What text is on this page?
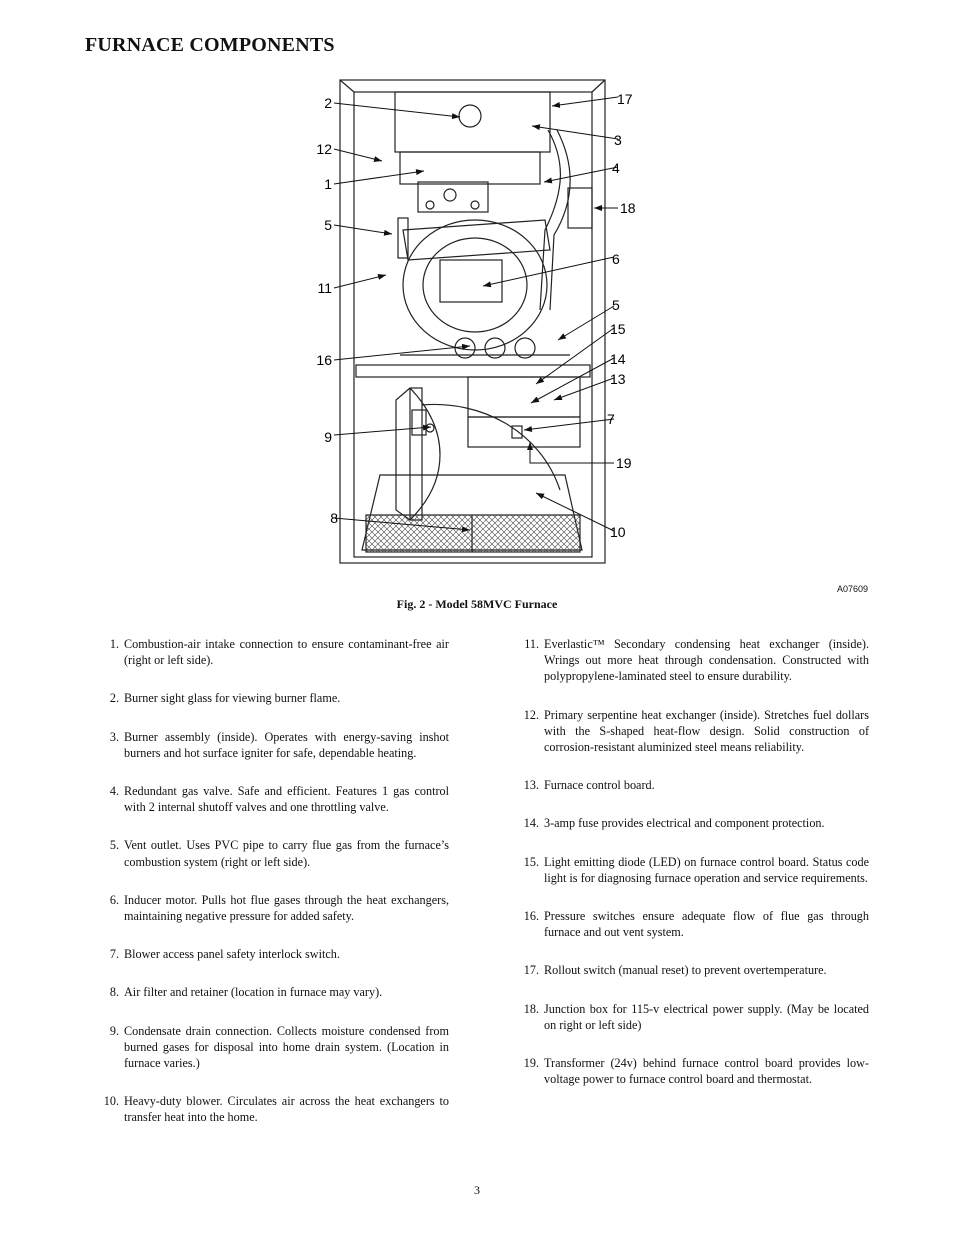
FURNACE COMPONENTS
2
12
1
5
11
16
9
8
17
3
4
18
6
5
15
14
13
7
19
10
A07609
Fig. 2 - Model 58MVC Furnace
1. Combustion-air intake connection to ensure contaminant-free air (right or left side).
2. Burner sight glass for viewing burner flame.
3. Burner assembly (inside). Operates with energy-saving inshot burners and hot surface igniter for safe, dependable heating.
4. Redundant gas valve. Safe and efficient. Features 1 gas control with 2 internal shutoff valves and one throttling valve.
5. Vent outlet. Uses PVC pipe to carry flue gas from the furnace’s combustion system (right or left side).
6. Inducer motor. Pulls hot flue gases through the heat exchangers, maintaining negative pressure for added safety.
7. Blower access panel safety interlock switch.
8. Air filter and retainer (location in furnace may vary).
9. Condensate drain connection. Collects moisture condensed from burned gases for disposal into home drain system. (Location in furnace varies.)
10. Heavy-duty blower. Circulates air across the heat exchangers to transfer heat into the home.
11. Everlastic™ Secondary condensing heat exchanger (inside). Wrings out more heat through condensation. Constructed with polypropylene-laminated steel to ensure durability.
12. Primary serpentine heat exchanger (inside). Stretches fuel dollars with the S-shaped heat-flow design. Solid construction of corrosion-resistant aluminized steel means reliability.
13. Furnace control board.
14. 3-amp fuse provides electrical and component protection.
15. Light emitting diode (LED) on furnace control board. Status code light is for diagnosing furnace operation and service requirements.
16. Pressure switches ensure adequate flow of flue gas through furnace and out vent system.
17. Rollout switch (manual reset) to prevent overtemperature.
18. Junction box for 115-v electrical power supply. (May be located on right or left side)
19. Transformer (24v) behind furnace control board provides low-voltage power to furnace control board and thermostat.
3
